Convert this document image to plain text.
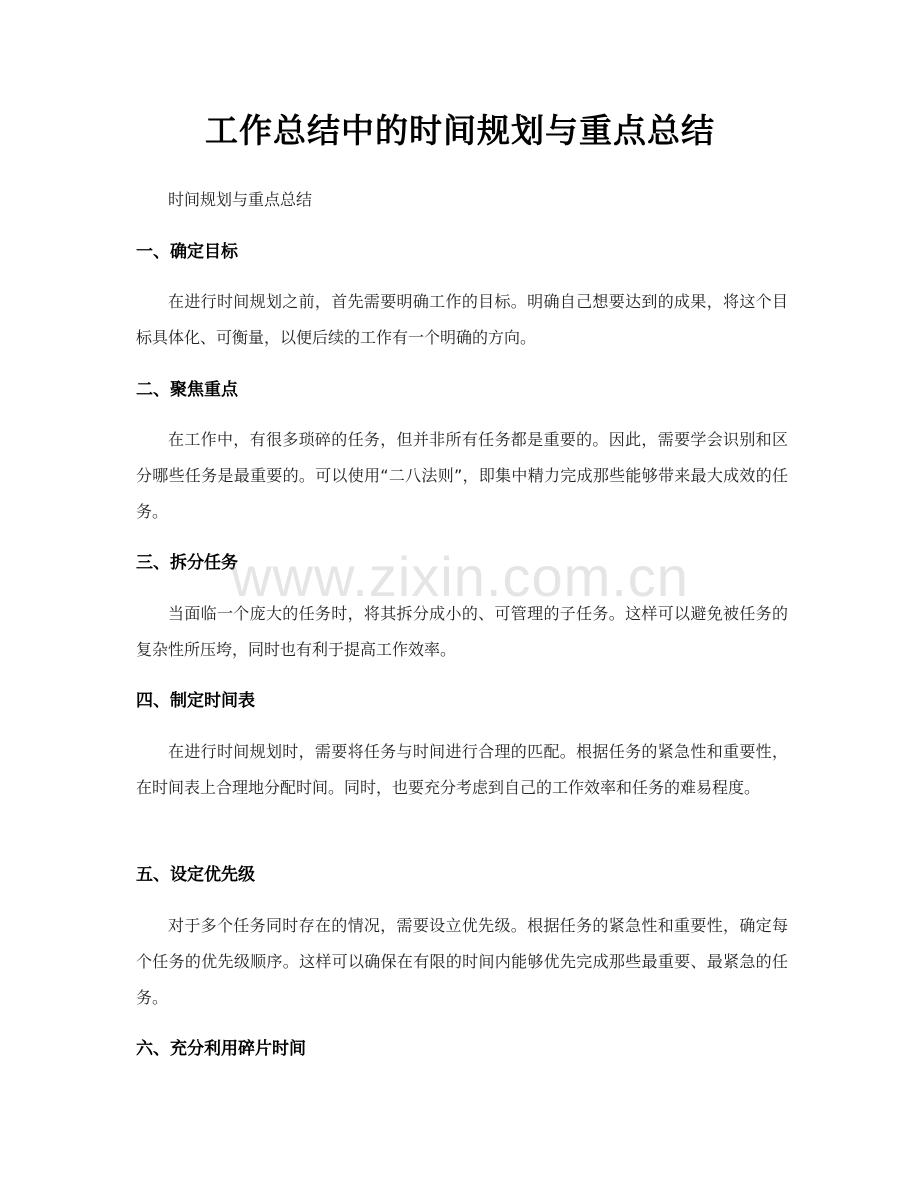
工作总结中的时间规划与重点总结
时间规划与重点总结
一、确定目标
在进行时间规划之前，首先需要明确工作的目标。明确自己想要达到的成果，将这个目标具体化、可衡量，以便后续的工作有一个明确的方向。
二、聚焦重点
在工作中，有很多琐碎的任务，但并非所有任务都是重要的。因此，需要学会识别和区分哪些任务是最重要的。可以使用“二八法则”，即集中精力完成那些能够带来最大成效的任务。
三、拆分任务
当面临一个庞大的任务时，将其拆分成小的、可管理的子任务。这样可以避免被任务的复杂性所压垮，同时也有利于提高工作效率。
四、制定时间表
在进行时间规划时，需要将任务与时间进行合理的匹配。根据任务的紧急性和重要性，在时间表上合理地分配时间。同时，也要充分考虑到自己的工作效率和任务的难易程度。
五、设定优先级
对于多个任务同时存在的情况，需要设立优先级。根据任务的紧急性和重要性，确定每个任务的优先级顺序。这样可以确保在有限的时间内能够优先完成那些最重要、最紧急的任务。
六、充分利用碎片时间
www.zixin.com.cn
